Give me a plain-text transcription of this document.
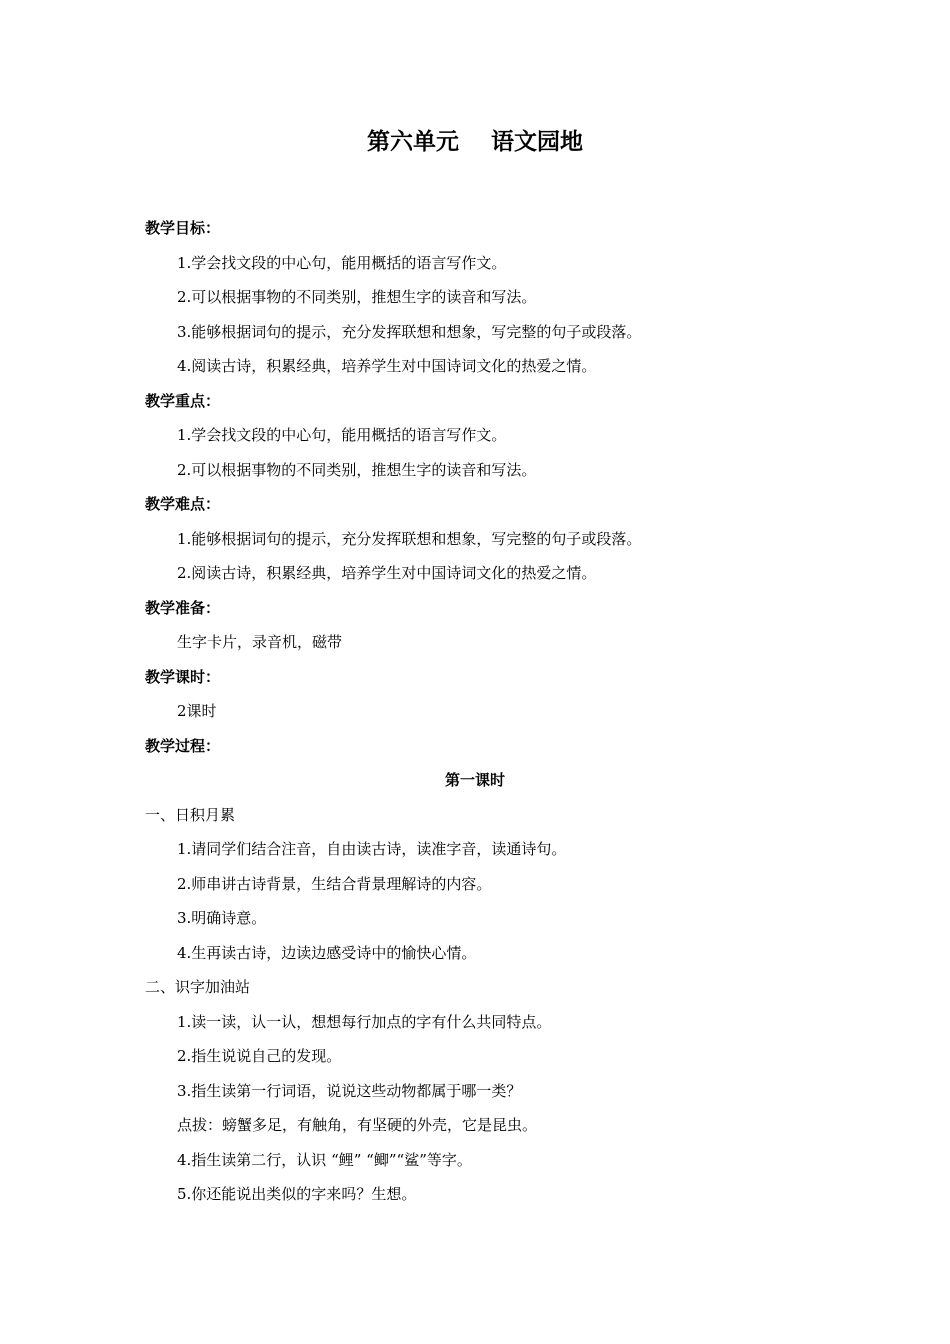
第六单元    语文园地
教学目标：
1.学会找文段的中心句，能用概括的语言写作文。
2.可以根据事物的不同类别，推想生字的读音和写法。
3.能够根据词句的提示，充分发挥联想和想象，写完整的句子或段落。
4.阅读古诗，积累经典，培养学生对中国诗词文化的热爱之情。
教学重点：
1.学会找文段的中心句，能用概括的语言写作文。
2.可以根据事物的不同类别，推想生字的读音和写法。
教学难点：
1.能够根据词句的提示，充分发挥联想和想象，写完整的句子或段落。
2.阅读古诗，积累经典，培养学生对中国诗词文化的热爱之情。
教学准备：
生字卡片，录音机，磁带
教学课时：
2课时
教学过程：
第一课时
一、日积月累
1.请同学们结合注音，自由读古诗，读准字音，读通诗句。
2.师串讲古诗背景，生结合背景理解诗的内容。
3.明确诗意。
4.生再读古诗，边读边感受诗中的愉快心情。
二、识字加油站
1.读一读，认一认，想想每行加点的字有什么共同特点。
2.指生说说自己的发现。
3.指生读第一行词语，说说这些动物都属于哪一类？
点拔：螃蟹多足，有触角，有坚硬的外壳，它是昆虫。
4.指生读第二行，认识 “鲤” “鲫”“鲨”等字。
5.你还能说出类似的字来吗？生想。
